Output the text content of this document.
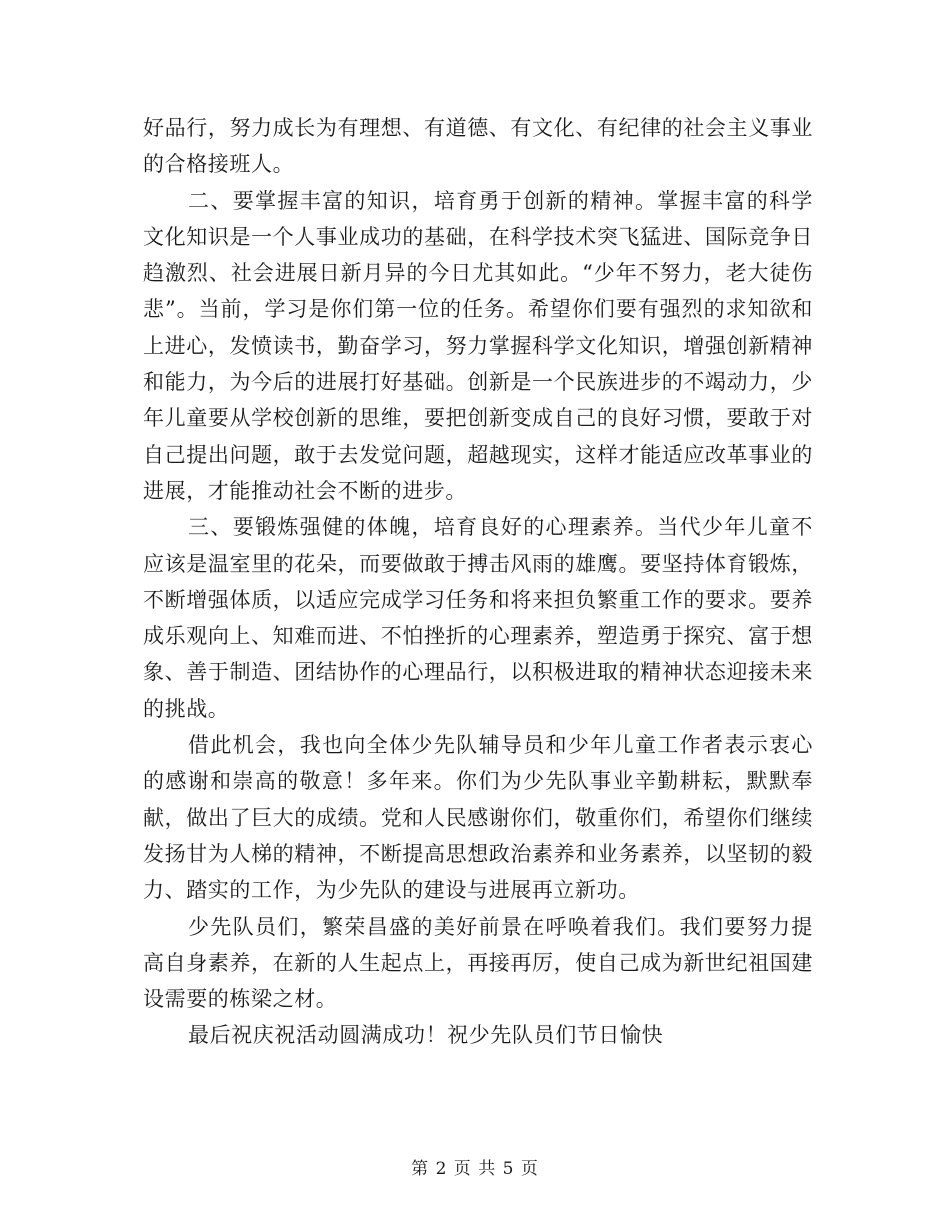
好品行，努力成长为有理想、有道德、有文化、有纪律的社会主义事业的合格接班人。

二、要掌握丰富的知识，培育勇于创新的精神。掌握丰富的科学文化知识是一个人事业成功的基础，在科学技术突飞猛进、国际竞争日趋激烈、社会进展日新月异的今日尤其如此。“少年不努力，老大徒伤悲”。当前，学习是你们第一位的任务。希望你们要有强烈的求知欲和上进心，发愤读书，勤奋学习，努力掌握科学文化知识，增强创新精神和能力，为今后的进展打好基础。创新是一个民族进步的不竭动力，少年儿童要从学校创新的思维，要把创新变成自己的良好习惯，要敢于对自己提出问题，敢于去发觉问题，超越现实，这样才能适应改革事业的进展，才能推动社会不断的进步。

三、要锻炼强健的体魄，培育良好的心理素养。当代少年儿童不应该是温室里的花朵，而要做敢于搏击风雨的雄鹰。要坚持体育锻炼，不断增强体质，以适应完成学习任务和将来担负繁重工作的要求。要养成乐观向上、知难而进、不怕挫折的心理素养，塑造勇于探究、富于想象、善于制造、团结协作的心理品行，以积极进取的精神状态迎接未来的挑战。

借此机会，我也向全体少先队辅导员和少年儿童工作者表示衷心的感谢和崇高的敬意！多年来。你们为少先队事业辛勤耕耘，默默奉献，做出了巨大的成绩。党和人民感谢你们，敬重你们，希望你们继续发扬甘为人梯的精神，不断提高思想政治素养和业务素养，以坚韧的毅力、踏实的工作，为少先队的建设与进展再立新功。

少先队员们，繁荣昌盛的美好前景在呼唤着我们。我们要努力提高自身素养，在新的人生起点上，再接再厉，使自己成为新世纪祖国建设需要的栋梁之材。

最后祝庆祝活动圆满成功！祝少先队员们节日愉快

第 2 页 共 5 页
